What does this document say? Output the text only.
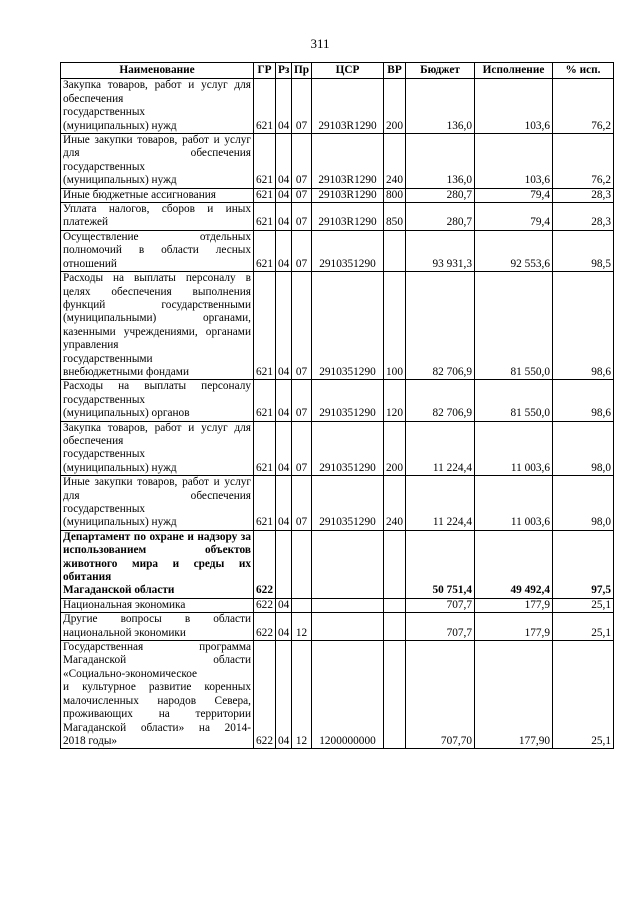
311
Наименование	ГР	Рз	Пр	ЦСР	ВР	Бюджет	Исполнение	% исп.

Закупка товаров, работ и услуг для обеспечения
государственных
(муниципальных) нужд	621	04	07	29103R1290	200	136,0	103,6	76,2

Иные закупки товаров, работ и услуг для обеспечения
государственных
(муниципальных) нужд	621	04	07	29103R1290	240	136,0	103,6	76,2

Иные бюджетные ассигнования	621	04	07	29103R1290	800	280,7	79,4	28,3

Уплата налогов, сборов и иных
платежей	621	04	07	29103R1290	850	280,7	79,4	28,3

Осуществление отдельных полномочий в области лесных
отношений	621	04	07	2910351290		93 931,3	92 553,6	98,5

Расходы на выплаты персоналу в целях обеспечения выполнения функций государственными (муниципальными) органами, казенными учреждениями, органами управления
государственными
внебюджетными фондами	621	04	07	2910351290	100	82 706,9	81 550,0	98,6

Расходы на выплаты персоналу
государственных
(муниципальных) органов	621	04	07	2910351290	120	82 706,9	81 550,0	98,6

Закупка товаров, работ и услуг для обеспечения
государственных
(муниципальных) нужд	621	04	07	2910351290	200	11 224,4	11 003,6	98,0

Иные закупки товаров, работ и услуг для обеспечения
государственных
(муниципальных) нужд	621	04	07	2910351290	240	11 224,4	11 003,6	98,0

Департамент по охране и надзору за использованием объектов животного мира и среды их обитания
Магаданской области	622					50 751,4	49 492,4	97,5

Национальная экономика	622	04				707,7	177,9	25,1

Другие вопросы в области
национальной экономики	622	04	12			707,7	177,9	25,1

Государственная программа Магаданской области
«Социально-экономическое
и культурное развитие коренных малочисленных народов Севера, проживающих на территории Магаданской области» на 2014-
2018 годы»	622	04	12	1200000000		707,70	177,90	25,1
